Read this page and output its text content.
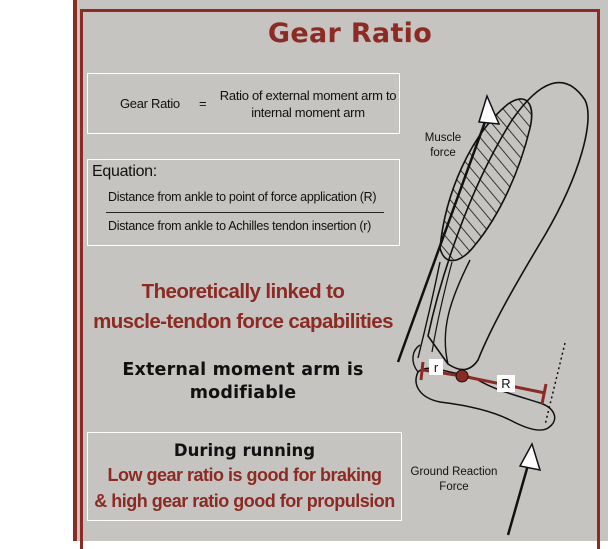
Gear Ratio
Gear Ratio =
Ratio of external moment arm to
internal moment arm
Equation:
Distance from ankle to point of force application (R)
Distance from ankle to Achilles tendon insertion (r)
Theoretically linked to
muscle-tendon force capabilities
External moment arm is
modifiable
During running
Low gear ratio is good for braking
& high gear ratio good for propulsion
r
R
Muscle
force
Ground Reaction
Force
